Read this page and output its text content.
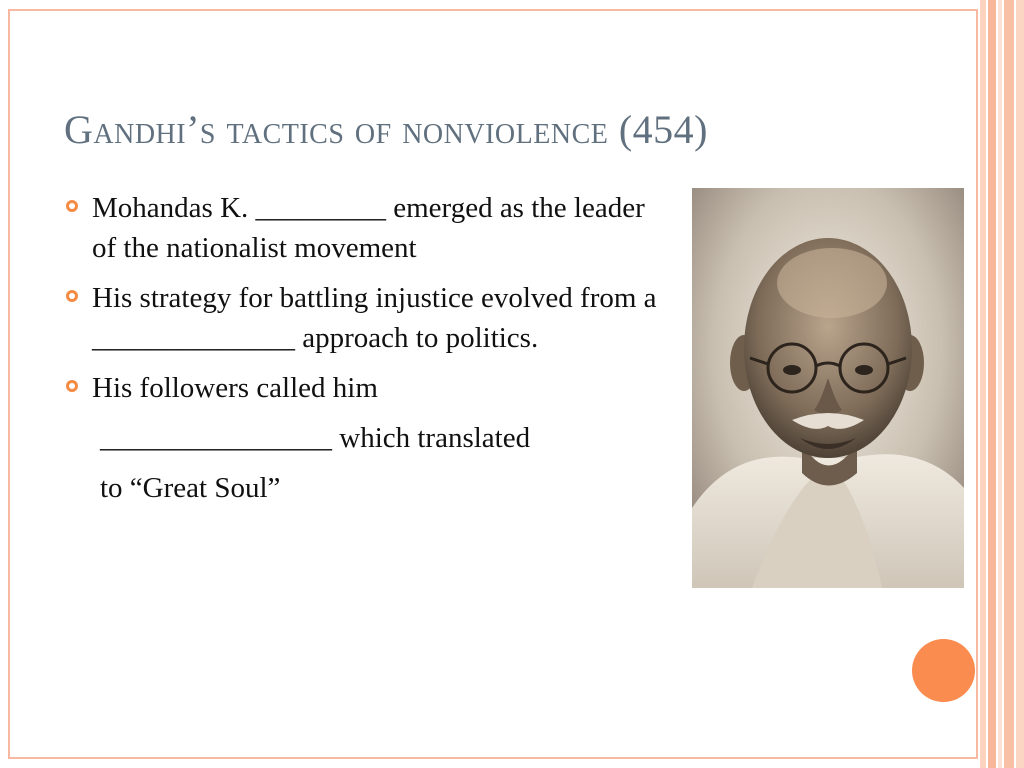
Gandhi’s tactics of nonviolence (454)
Mohandas K. _________ emerged as the leader of the nationalist movement
His strategy for battling injustice evolved from a ______________ approach to politics.
His followers called him
________________ which translated
to “Great Soul”
